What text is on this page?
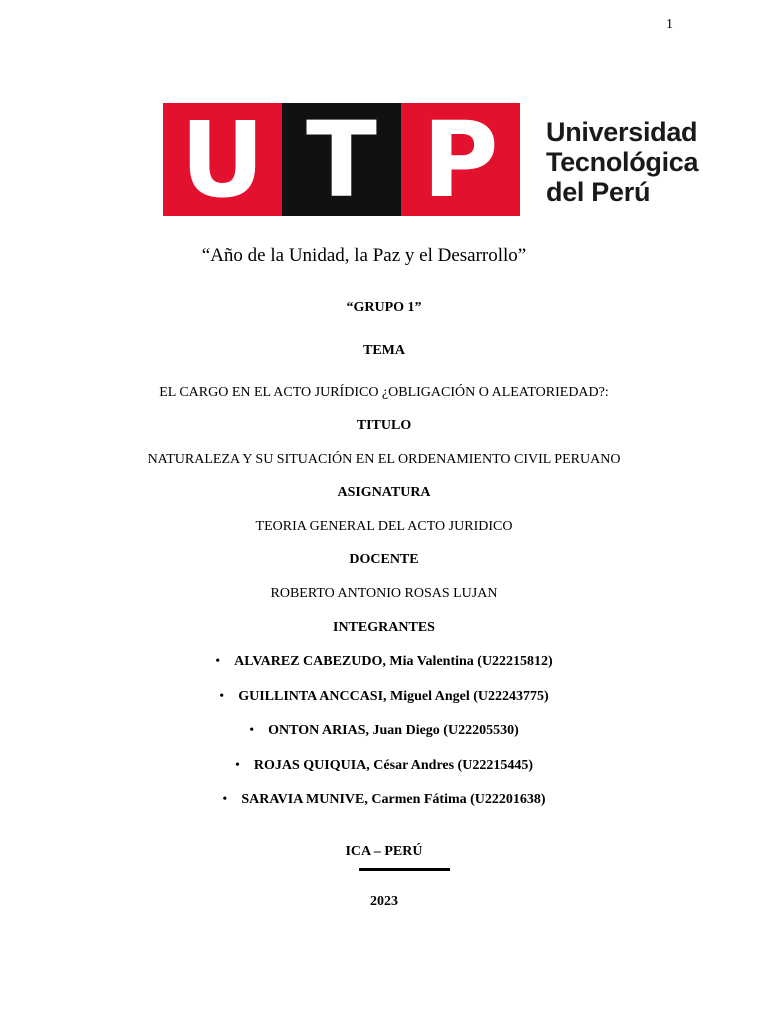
1
U T P Universidad
Tecnológica
del Perú
“Año de la Unidad, la Paz y el Desarrollo”
“GRUPO 1”
TEMA
EL CARGO EN EL ACTO JURÍDICO ¿OBLIGACIÓN O ALEATORIEDAD?:
TITULO
NATURALEZA Y SU SITUACIÓN EN EL ORDENAMIENTO CIVIL PERUANO
ASIGNATURA
TEORIA GENERAL DEL ACTO JURIDICO
DOCENTE
ROBERTO ANTONIO ROSAS LUJAN
INTEGRANTES
• ALVAREZ CABEZUDO, Mia Valentina (U22215812)
• GUILLINTA ANCCASI, Miguel Angel (U22243775)
• ONTON ARIAS, Juan Diego (U22205530)
• ROJAS QUIQUIA, César Andres (U22215445)
• SARAVIA MUNIVE, Carmen Fátima (U22201638)
ICA – PERÚ
2023
